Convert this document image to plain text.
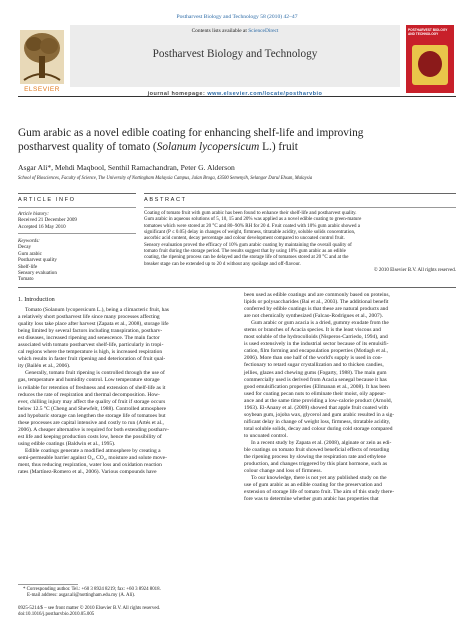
Postharvest Biology and Technology 58 (2010) 42–47
ELSEVIER
Contents lists available at ScienceDirect
Postharvest Biology and Technology
POSTHARVEST BIOLOGY AND TECHNOLOGY
journal homepage: www.elsevier.com/locate/postharvbio
Gum arabic as a novel edible coating for enhancing shelf-life and improving
postharvest quality of tomato (Solanum lycopersicum L.) fruit
Asgar Ali*, Mehdi Maqbool, Senthil Ramachandran, Peter G. Alderson
School of Biosciences, Faculty of Science, The University of Nottingham Malaysia Campus, Jalan Broga, 43500 Semenyih, Selangor Darul Ehsan, Malaysia
ARTICLE INFO
Article history:
Received 21 December 2009
Accepted 16 May 2010
Keywords:
Decay
Gum arabic
Postharvest quality
Shelf-life
Sensory evaluation
Tomato
ABSTRACT
Coating of tomato fruit with gum arabic has been found to enhance their shelf-life and postharvest quality.
Gum arabic in aqueous solutions of 5, 10, 15 and 20% was applied as a novel edible coating to green-mature
tomatoes which were stored at 20 °C and 80–90% RH for 20 d. Fruit coated with 10% gum arabic showed a
significant (P ≤ 0.05) delay in changes of weight, firmness, titratable acidity, soluble solids concentration,
ascorbic acid content, decay percentage and colour development compared to uncoated control fruit.
Sensory evaluation proved the efficacy of 10% gum arabic coating by maintaining the overall quality of
tomato fruit during the storage period. The results suggest that by using 10% gum arabic as an edible
coating, the ripening process can be delayed and the storage life of tomatoes stored at 20 °C and at the
breaker stage can be extended up to 20 d without any spoilage and off-flavour.
© 2010 Elsevier B.V. All rights reserved.
1. Introduction
Tomato (Solanum lycopersicum L.), being a climacteric fruit, has
a relatively short postharvest life since many processes affecting
quality loss take place after harvest (Zapata et al., 2008), storage life
being limited by several factors including transpiration, postharv-
est diseases, increased ripening and senescence. The main factor
associated with tomato postharvest shelf-life, particularly in tropi-
cal regions where the temperature is high, is increased respiration
which results in faster fruit ripening and deterioration of fruit qual-
ity (Bailén et al., 2006).
Generally, tomato fruit ripening is controlled through the use of
gas, temperature and humidity control. Low temperature storage
is reliable for retention of freshness and extension of shelf-life as it
reduces the rate of respiration and thermal decomposition. How-
ever, chilling injury may affect the quality of fruit if storage occurs
below 12.5 °C (Cheng and Shewfelt, 1988). Controlled atmosphere
and hypobaric storage can lengthen the storage life of tomatoes but
these processes are capital intensive and costly to run (Artés et al.,
2006). A cheaper alternative is required for both extending postharv-
est life and keeping production costs low, hence the possibility of
using edible coatings (Baldwin et al., 1995).
Edible coatings generate a modified atmosphere by creating a
semi-permeable barrier against O₂, CO₂, moisture and solute move-
ment, thus reducing respiration, water loss and oxidation reaction
rates (Martínez-Romero et al., 2006). Various compounds have
been used as edible coatings and are commonly based on proteins,
lipids or polysaccharides (Bai et al., 2003). The additional benefit
conferred by edible coatings is that these are natural products and
are not chemically synthesized (Falcao-Rodrigues et al., 2007).
Gum arabic or gum acacia is a dried, gummy exudate from the
stems or branches of Acacia species. It is the least viscous and
most soluble of the hydrocolloids (Nisperos-Carriedo, 1994), and
is used extensively in the industrial sector because of its emulsifi-
cation, film forming and encapsulation properties (Motlagh et al.,
2006). More than one half of the world's supply is used in con-
fectionary to retard sugar crystallization and to thicken candies,
jellies, glazes and chewing gums (Fogarty, 1988). The main gum
commercially used is derived from Acacia senegal because it has
good emulsification properties (Ellmanan et al., 2008). It has been
used for coating pecan nuts to eliminate their moist, oily appear-
ance and at the same time providing a low-calorie product (Arnold,
1963). El-Anany et al. (2009) showed that apple fruit coated with
soybean gum, jojoba wax, glycerol and gum arabic resulted in a sig-
nificant delay in change of weight loss, firmness, titratable acidity,
total soluble solids, decay and colour during cold storage compared
to uncoated control.
In a recent study by Zapata et al. (2008), alginate or zein as edi-
ble coatings on tomato fruit showed beneficial effects of retarding
the ripening process by slowing the respiration rate and ethylene
production, and changes triggered by this plant hormone, such as
colour change and loss of firmness.
To our knowledge, there is not yet any published study on the
use of gum arabic as an edible coating for the preservation and
extension of storage life of tomato fruit. The aim of this study there-
fore was to determine whether gum arabic has properties that
* Corresponding author. Tel.: +60 3 8924 8219; fax: +60 3 8924 8018.
E-mail address: asgar.ali@nottingham.edu.my (A. Ali).
0925-5214/$ – see front matter © 2010 Elsevier B.V. All rights reserved.
doi:10.1016/j.postharvbio.2010.05.005
